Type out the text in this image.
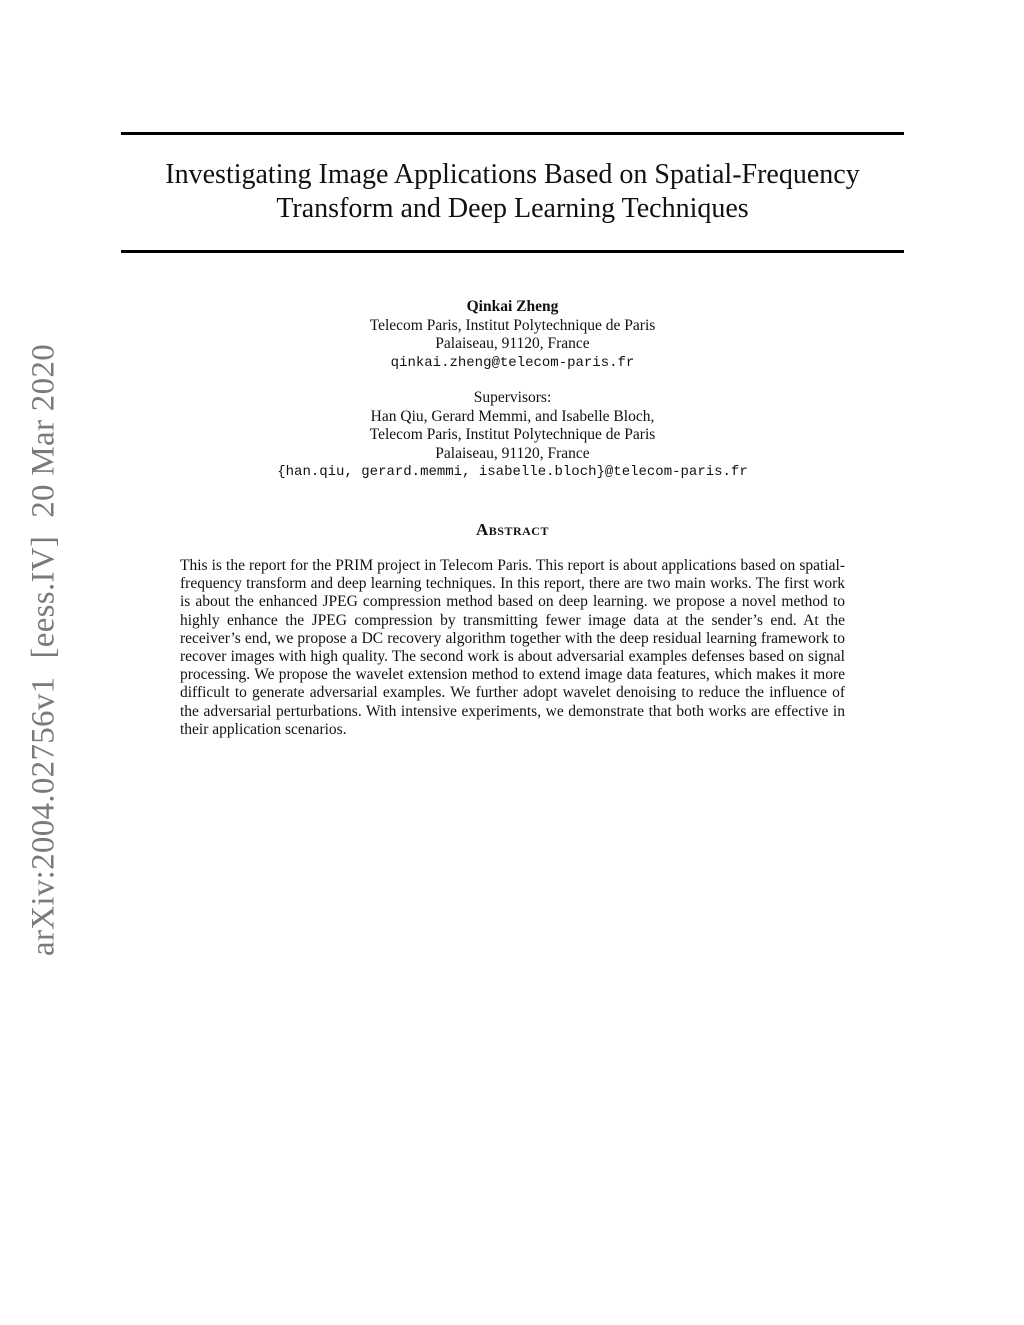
Investigating Image Applications Based on Spatial-Frequency
Transform and Deep Learning Techniques
Qinkai Zheng
Telecom Paris, Institut Polytechnique de Paris
Palaiseau, 91120, France
qinkai.zheng@telecom-paris.fr
Supervisors:
Han Qiu, Gerard Memmi, and Isabelle Bloch,
Telecom Paris, Institut Polytechnique de Paris
Palaiseau, 91120, France
{han.qiu, gerard.memmi, isabelle.bloch}@telecom-paris.fr
Abstract

This is the report for the PRIM project in Telecom Paris. This report is about applications based on spatial-frequency transform and deep learning techniques. In this report, there are two main works. The first work is about the enhanced JPEG compression method based on deep learning. we propose a novel method to highly enhance the JPEG compression by transmitting fewer image data at the sender’s end. At the receiver’s end, we propose a DC recovery algorithm together with the deep residual learning framework to recover images with high quality. The second work is about adversarial examples defenses based on signal processing. We propose the wavelet extension method to extend image data features, which makes it more difficult to generate adversarial examples. We further adopt wavelet denoising to reduce the influence of the adversarial perturbations. With intensive experiments, we demonstrate that both works are effective in their application scenarios.

arXiv:2004.02756v1[eess.IV]20 Mar 2020
